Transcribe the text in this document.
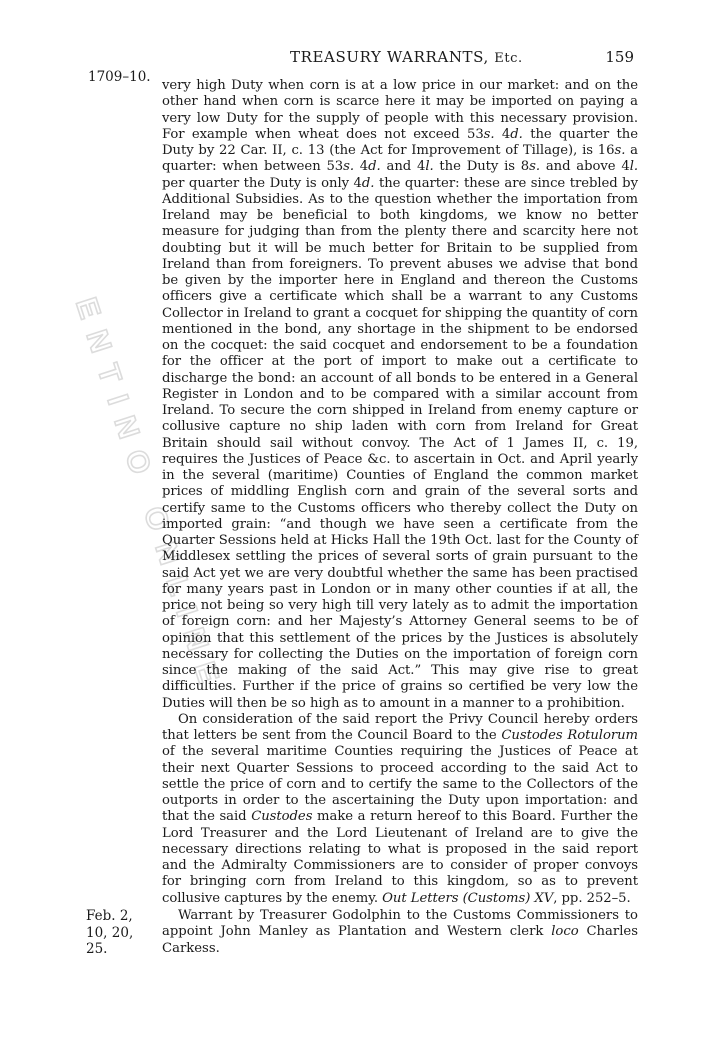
ENTINO ONLINE
TREASURY WARRANTS, Etc.	159
1709–10.

very high Duty when corn is at a low price in our market: and on the other hand when corn is scarce here it may be imported on paying a very low Duty for the supply of people with this necessary provision. For example when wheat does not exceed 53s. 4d. the quarter the Duty by 22 Car. II, c. 13 (the Act for Improvement of Tillage), is 16s. a quarter: when between 53s. 4d. and 4l. the Duty is 8s. and above 4l. per quarter the Duty is only 4d. the quarter: these are since trebled by Additional Subsidies. As to the question whether the importation from Ireland may be beneficial to both kingdoms, we know no better measure for judging than from the plenty there and scarcity here not doubting but it will be much better for Britain to be supplied from Ireland than from foreigners. To prevent abuses we advise that bond be given by the importer here in England and thereon the Customs officers give a certificate which shall be a warrant to any Customs Collector in Ireland to grant a cocquet for shipping the quantity of corn mentioned in the bond, any shortage in the shipment to be endorsed on the cocquet: the said cocquet and endorsement to be a foundation for the officer at the port of import to make out a certificate to discharge the bond: an account of all bonds to be entered in a General Register in London and to be compared with a similar account from Ireland. To secure the corn shipped in Ireland from enemy capture or collusive capture no ship laden with corn from Ireland for Great Britain should sail without convoy. The Act of 1 James II, c. 19, requires the Justices of Peace &c. to ascertain in Oct. and April yearly in the several (maritime) Counties of England the common market prices of middling English corn and grain of the several sorts and certify same to the Customs officers who thereby collect the Duty on imported grain: “and though we have seen a certificate from the Quarter Sessions held at Hicks Hall the 19th Oct. last for the County of Middlesex settling the prices of several sorts of grain pursuant to the said Act yet we are very doubtful whether the same has been practised for many years past in London or in many other counties if at all, the price not being so very high till very lately as to admit the importation of foreign corn: and her Majesty’s Attorney General seems to be of opinion that this settlement of the prices by the Justices is absolutely necessary for collecting the Duties on the importation of foreign corn since the making of the said Act.” This may give rise to great difficulties. Further if the price of grains so certified be very low the Duties will then be so high as to amount in a manner to a prohibition.

On consideration of the said report the Privy Council hereby orders that letters be sent from the Council Board to the Custodes Rotulorum of the several maritime Counties requiring the Justices of Peace at their next Quarter Sessions to proceed according to the said Act to settle the price of corn and to certify the same to the Collectors of the outports in order to the ascertaining the Duty upon importation: and that the said Custodes make a return hereof to this Board. Further the Lord Treasurer and the Lord Lieutenant of Ireland are to give the necessary directions relating to what is proposed in the said report and the Admiralty Commissioners are to consider of proper convoys for bringing corn from Ireland to this kingdom, so as to prevent collusive captures by the enemy. Out Letters (Customs) XV, pp. 252–5.

Feb. 2, 10, 20, 25.
Warrant by Treasurer Godolphin to the Customs Commissioners to appoint John Manley as Plantation and Western clerk loco Charles Carkess.
